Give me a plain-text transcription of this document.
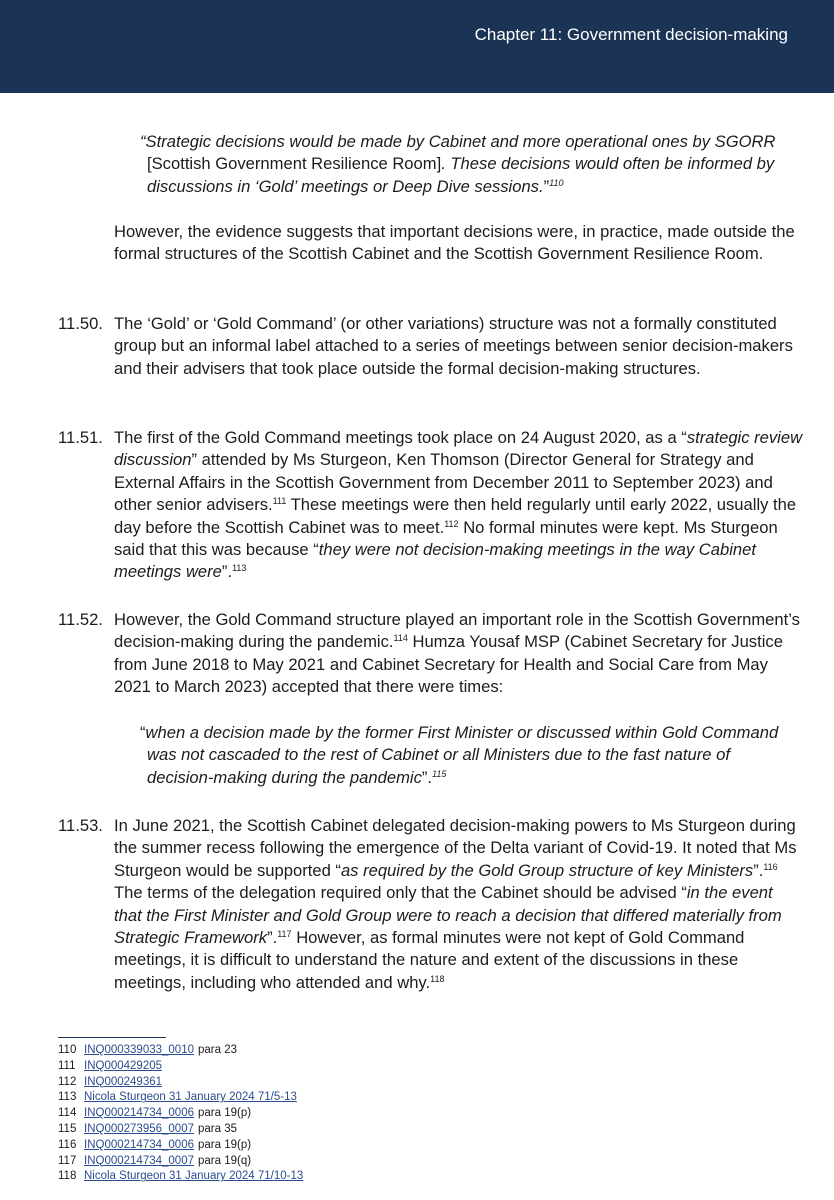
Chapter 11: Government decision-making
“Strategic decisions would be made by Cabinet and more operational ones by SGORR [Scottish Government Resilience Room]. These decisions would often be informed by discussions in ‘Gold’ meetings or Deep Dive sessions.”$^{110}$
However, the evidence suggests that important decisions were, in practice, made outside the formal structures of the Scottish Cabinet and the Scottish Government Resilience Room.
11.50. The ‘Gold’ or ‘Gold Command’ (or other variations) structure was not a formally constituted group but an informal label attached to a series of meetings between senior decision-makers and their advisers that took place outside the formal decision-making structures.
11.51. The first of the Gold Command meetings took place on 24 August 2020, as a “strategic review discussion” attended by Ms Sturgeon, Ken Thomson (Director General for Strategy and External Affairs in the Scottish Government from December 2011 to September 2023) and other senior advisers.$^{111}$ These meetings were then held regularly until early 2022, usually the day before the Scottish Cabinet was to meet.$^{112}$ No formal minutes were kept. Ms Sturgeon said that this was because “they were not decision-making meetings in the way Cabinet meetings were”.$^{113}$
11.52. However, the Gold Command structure played an important role in the Scottish Government’s decision-making during the pandemic.$^{114}$ Humza Yousaf MSP (Cabinet Secretary for Justice from June 2018 to May 2021 and Cabinet Secretary for Health and Social Care from May 2021 to March 2023) accepted that there were times:
“when a decision made by the former First Minister or discussed within Gold Command was not cascaded to the rest of Cabinet or all Ministers due to the fast nature of decision-making during the pandemic”.$^{115}$
11.53. In June 2021, the Scottish Cabinet delegated decision-making powers to Ms Sturgeon during the summer recess following the emergence of the Delta variant of Covid-19. It noted that Ms Sturgeon would be supported “as required by the Gold Group structure of key Ministers”.$^{116}$ The terms of the delegation required only that the Cabinet should be advised “in the event that the First Minister and Gold Group were to reach a decision that differed materially from Strategic Framework”.$^{117}$ However, as formal minutes were not kept of Gold Command meetings, it is difficult to understand the nature and extent of the discussions in these meetings, including who attended and why.$^{118}$
110 INQ000339033_0010 para 23
111 INQ000429205
112 INQ000249361
113 Nicola Sturgeon 31 January 2024 71/5-13
114 INQ000214734_0006 para 19(p)
115 INQ000273956_0007 para 35
116 INQ000214734_0006 para 19(p)
117 INQ000214734_0007 para 19(q)
118 Nicola Sturgeon 31 January 2024 71/10-13
